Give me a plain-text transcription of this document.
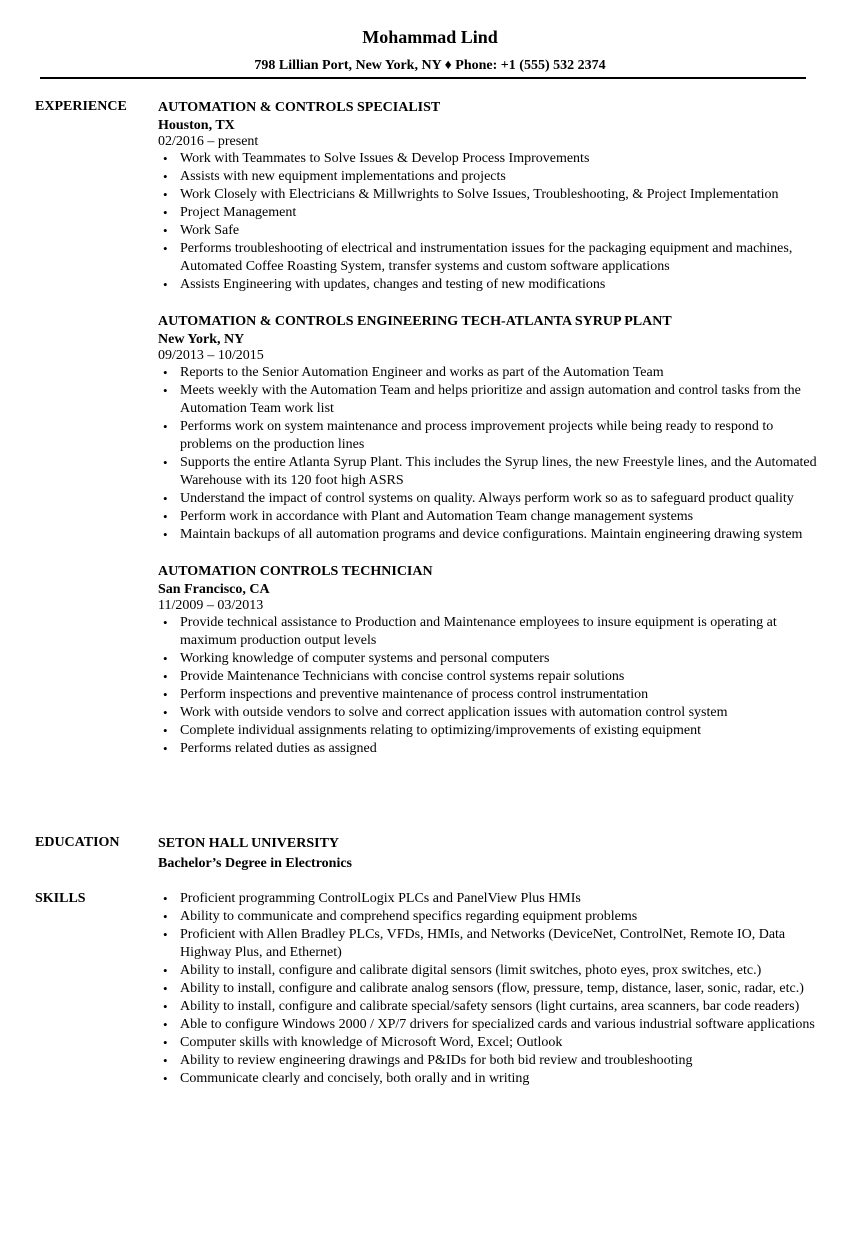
Mohammad Lind
798 Lillian Port, New York, NY ♦ Phone: +1 (555) 532 2374
EXPERIENCE	AUTOMATION & CONTROLS SPECIALIST
Houston, TX
02/2016 – present
• Work with Teammates to Solve Issues & Develop Process Improvements
• Assists with new equipment implementations and projects
• Work Closely with Electricians & Millwrights to Solve Issues, Troubleshooting, & Project Implementation
• Project Management
• Work Safe
• Performs troubleshooting of electrical and instrumentation issues for the packaging equipment and machines, Automated Coffee Roasting System, transfer systems and custom software applications
• Assists Engineering with updates, changes and testing of new modifications
AUTOMATION & CONTROLS ENGINEERING TECH-ATLANTA SYRUP PLANT
New York, NY
09/2013 – 10/2015
• Reports to the Senior Automation Engineer and works as part of the Automation Team
• Meets weekly with the Automation Team and helps prioritize and assign automation and control tasks from the Automation Team work list
• Performs work on system maintenance and process improvement projects while being ready to respond to problems on the production lines
• Supports the entire Atlanta Syrup Plant. This includes the Syrup lines, the new Freestyle lines, and the Automated Warehouse with its 120 foot high ASRS
• Understand the impact of control systems on quality. Always perform work so as to safeguard product quality
• Perform work in accordance with Plant and Automation Team change management systems
• Maintain backups of all automation programs and device configurations. Maintain engineering drawing system
AUTOMATION CONTROLS TECHNICIAN
San Francisco, CA
11/2009 – 03/2013
• Provide technical assistance to Production and Maintenance employees to insure equipment is operating at maximum production output levels
• Working knowledge of computer systems and personal computers
• Provide Maintenance Technicians with concise control systems repair solutions
• Perform inspections and preventive maintenance of process control instrumentation
• Work with outside vendors to solve and correct application issues with automation control system
• Complete individual assignments relating to optimizing/improvements of existing equipment
• Performs related duties as assigned
EDUCATION	SETON HALL UNIVERSITY
Bachelor’s Degree in Electronics
SKILLS	• Proficient programming ControlLogix PLCs and PanelView Plus HMIs
• Ability to communicate and comprehend specifics regarding equipment problems
• Proficient with Allen Bradley PLCs, VFDs, HMIs, and Networks (DeviceNet, ControlNet, Remote IO, Data Highway Plus, and Ethernet)
• Ability to install, configure and calibrate digital sensors (limit switches, photo eyes, prox switches, etc.)
• Ability to install, configure and calibrate analog sensors (flow, pressure, temp, distance, laser, sonic, radar, etc.)
• Ability to install, configure and calibrate special/safety sensors (light curtains, area scanners, bar code readers)
• Able to configure Windows 2000 / XP/7 drivers for specialized cards and various industrial software applications
• Computer skills with knowledge of Microsoft Word, Excel; Outlook
• Ability to review engineering drawings and P&IDs for both bid review and troubleshooting
• Communicate clearly and concisely, both orally and in writing
